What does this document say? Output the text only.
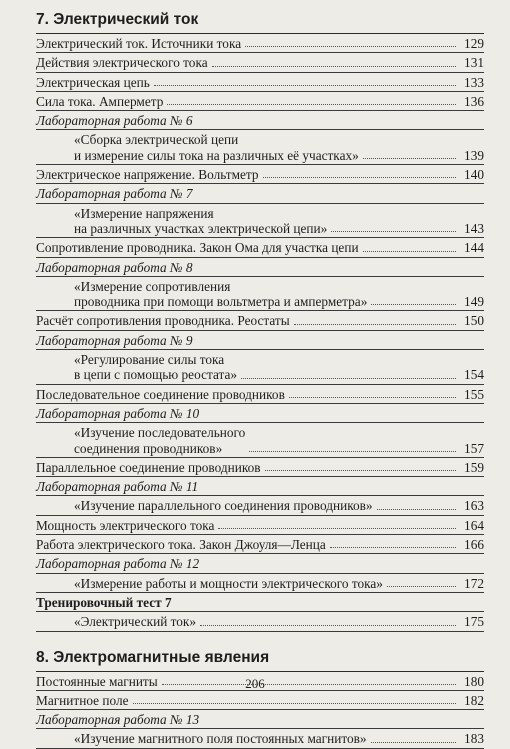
7. Электрический ток
Электрический ток. Источники тока	129
Действия электрического тока	131
Электрическая цепь	133
Сила тока. Амперметр	136
Лабораторная работа № 6
«Сборка электрической цепи
и измерение силы тока на различных её участках»	139
Электрическое напряжение. Вольтметр	140
Лабораторная работа № 7
«Измерение напряжения
на различных участках электрической цепи»	143
Сопротивление проводника. Закон Ома для участка цепи	144
Лабораторная работа № 8
«Измерение сопротивления
проводника при помощи вольтметра и амперметра»	149
Расчёт сопротивления проводника. Реостаты	150
Лабораторная работа № 9
«Регулирование силы тока
в цепи с помощью реостата»	154
Последовательное соединение проводников	155
Лабораторная работа № 10
«Изучение последовательного
соединения проводников»	157
Параллельное соединение проводников	159
Лабораторная работа № 11
«Изучение параллельного соединения проводников»	163
Мощность электрического тока	164
Работа электрического тока. Закон Джоуля—Ленца	166
Лабораторная работа № 12
«Измерение работы и мощности электрического тока»	172
Тренировочный тест 7
«Электрический ток»	175
8. Электромагнитные явления
Постоянные магниты	180
Магнитное поле	182
Лабораторная работа № 13
«Изучение магнитного поля постоянных магнитов»	183
206
